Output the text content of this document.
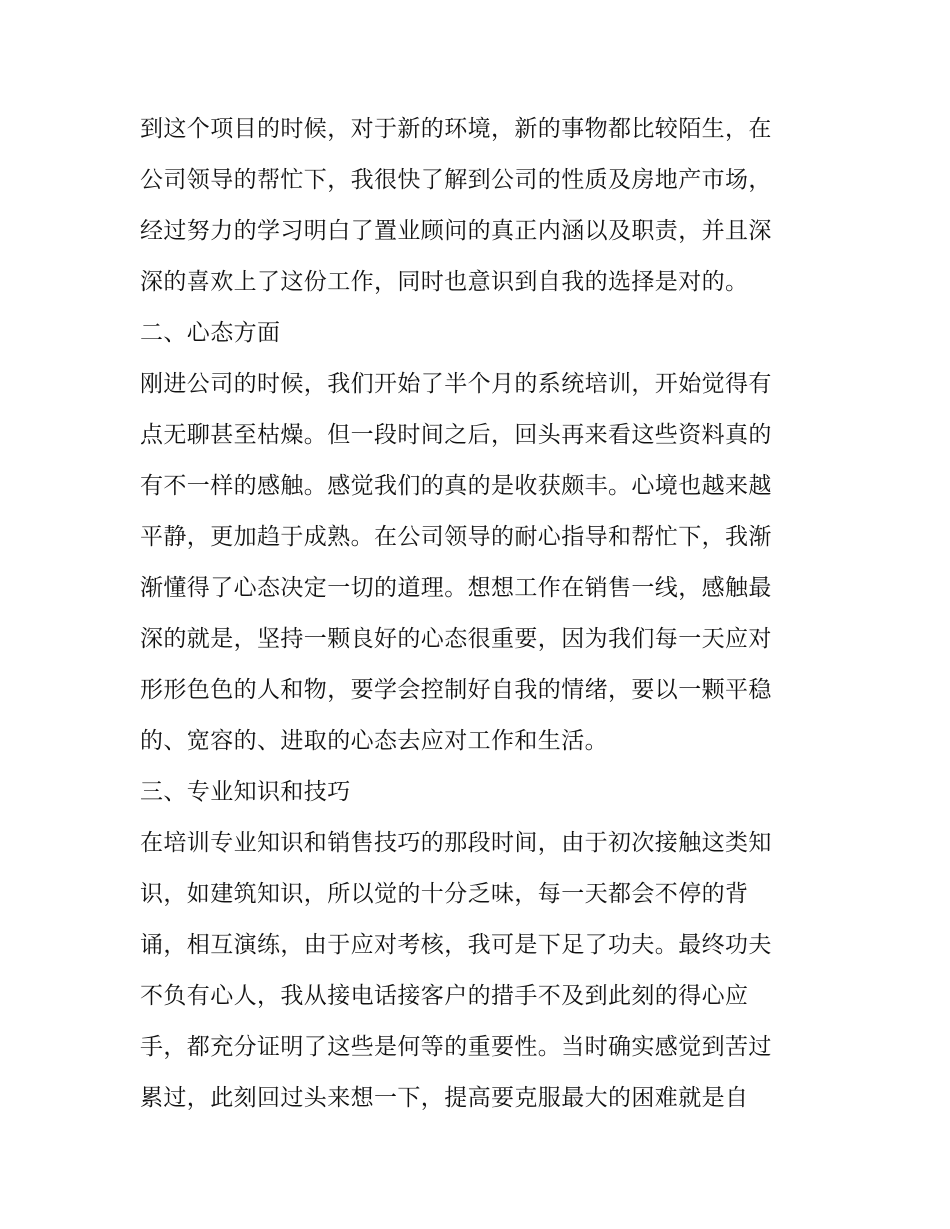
到这个项目的时候，对于新的环境，新的事物都比较陌生，在
公司领导的帮忙下，我很快了解到公司的性质及房地产市场，
经过努力的学习明白了置业顾问的真正内涵以及职责，并且深
深的喜欢上了这份工作，同时也意识到自我的选择是对的。
二、心态方面
刚进公司的时候，我们开始了半个月的系统培训，开始觉得有
点无聊甚至枯燥。但一段时间之后，回头再来看这些资料真的
有不一样的感触。感觉我们的真的是收获颇丰。心境也越来越
平静，更加趋于成熟。在公司领导的耐心指导和帮忙下，我渐
渐懂得了心态决定一切的道理。想想工作在销售一线，感触最
深的就是，坚持一颗良好的心态很重要，因为我们每一天应对
形形色色的人和物，要学会控制好自我的情绪，要以一颗平稳
的、宽容的、进取的心态去应对工作和生活。
三、专业知识和技巧
在培训专业知识和销售技巧的那段时间，由于初次接触这类知
识，如建筑知识，所以觉的十分乏味，每一天都会不停的背
诵，相互演练，由于应对考核，我可是下足了功夫。最终功夫
不负有心人，我从接电话接客户的措手不及到此刻的得心应
手，都充分证明了这些是何等的重要性。当时确实感觉到苦过
累过，此刻回过头来想一下，提高要克服最大的困难就是自
